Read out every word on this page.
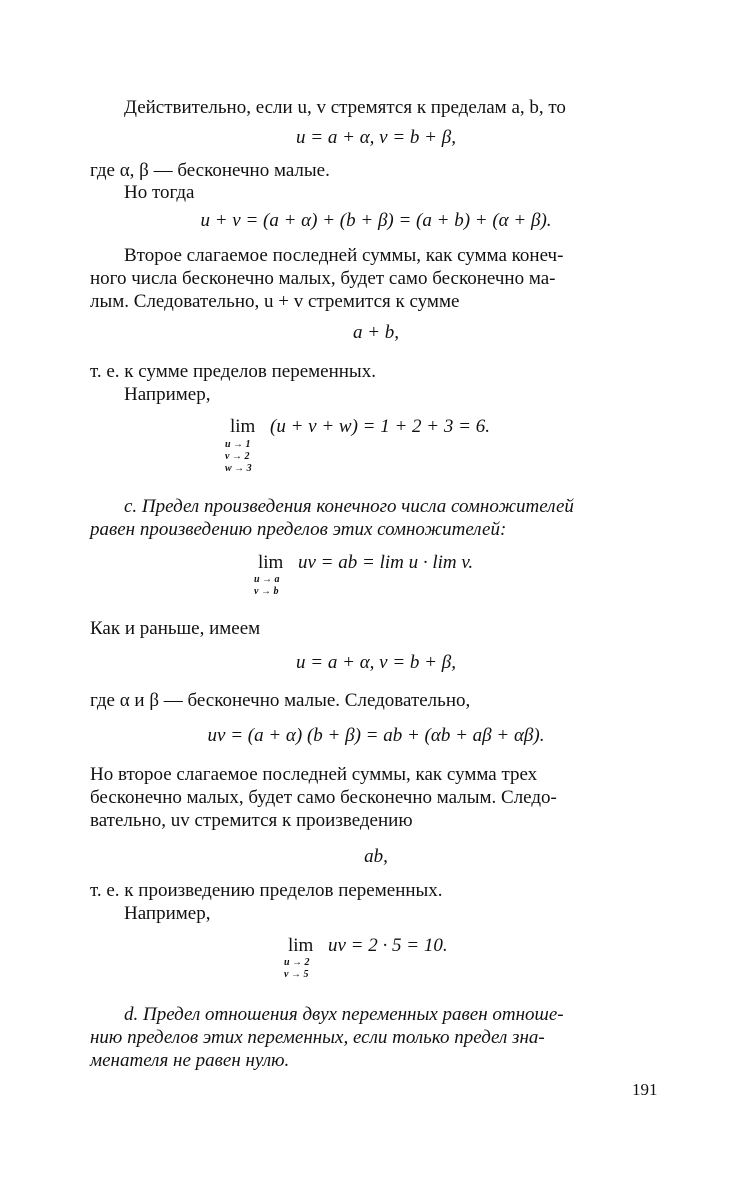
Действительно, если u, v стремятся к пределам a, b, то
u = a + α, v = b + β,
где α, β — бесконечно малые.
Но тогда
u + v = (a + α) + (b + β) = (a + b) + (α + β).
Второе слагаемое последней суммы, как сумма конеч-
ного числа бесконечно малых, будет само бесконечно ма-
лым. Следовательно, u + v стремится к сумме
a + b,
т. е. к сумме пределов переменных.
Например,
lim (u + v + w) = 1 + 2 + 3 = 6.
u → 1
v → 2
w → 3
c. Предел произведения конечного числа сомножителей
равен произведению пределов этих сомножителей:
lim uv = ab = lim u · lim v.
u → a
v → b
Как и раньше, имеем
u = a + α, v = b + β,
где α и β — бесконечно малые. Следовательно,
uv = (a + α) (b + β) = ab + (αb + aβ + αβ).
Но второе слагаемое последней суммы, как сумма трех
бесконечно малых, будет само бесконечно малым. Следо-
вательно, uv стремится к произведению
ab,
т. е. к произведению пределов переменных.
Например,
lim uv = 2 · 5 = 10.
u → 2
v → 5
d. Предел отношения двух переменных равен отноше-
нию пределов этих переменных, если только предел зна-
менателя не равен нулю.
191
